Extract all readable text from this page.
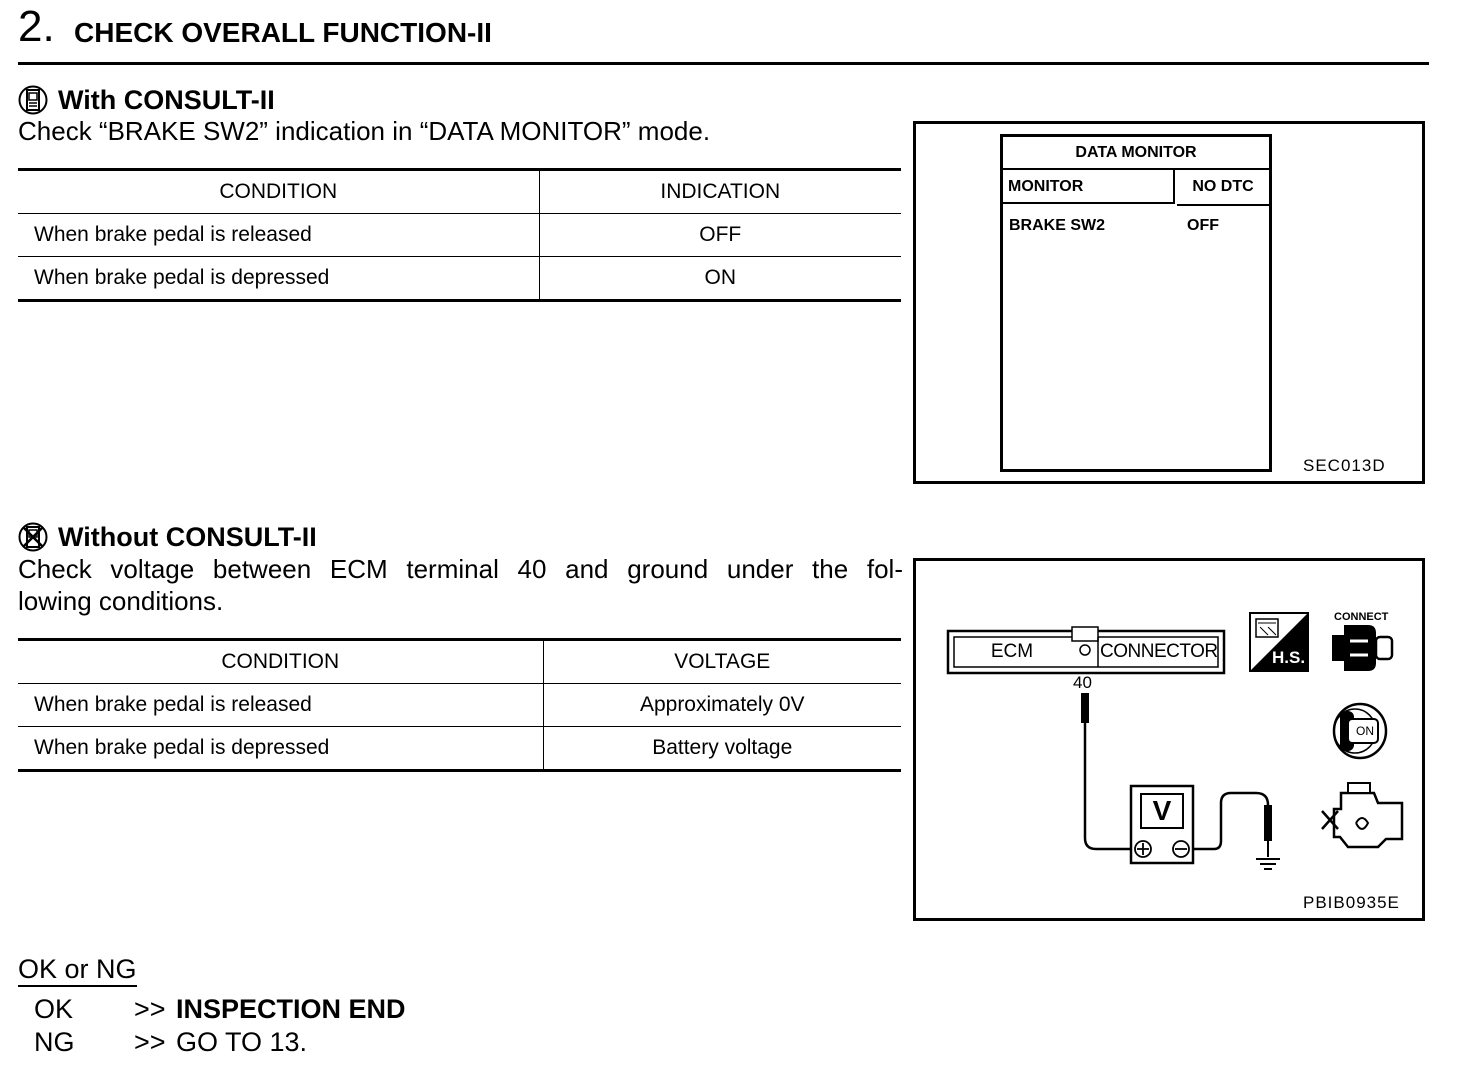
2. CHECK OVERALL FUNCTION-II
With CONSULT-II
Check “BRAKE SW2” indication in “DATA MONITOR” mode.
CONDITION	INDICATION
When brake pedal is released	OFF
When brake pedal is depressed	ON
DATA MONITOR
MONITOR	NO DTC
BRAKE SW2	OFF
SEC013D
Without CONSULT-II
Check voltage between ECM terminal 40 and ground under the fol-
lowing conditions.
CONDITION	VOLTAGE
When brake pedal is released	Approximately 0V
When brake pedal is depressed	Battery voltage
ECM	CONNECTOR
40
V
H.S.
CONNECT
ON
PBIB0935E
OK or NG
OK >> INSPECTION END
NG >> GO TO 13.
